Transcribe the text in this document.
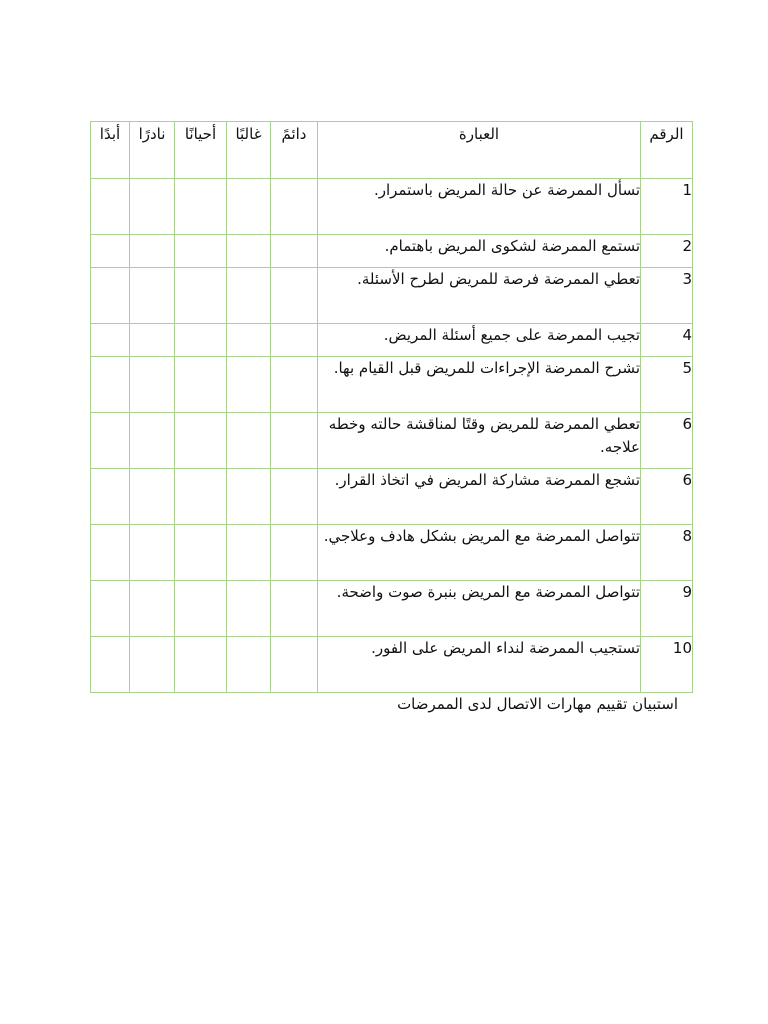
الرقم	العبارة	دائمً	غالبًا	أحيانًا	نادرًا	أبدًا
1	تسأل الممرضة عن حالة المريض باستمرار.					
2	تستمع الممرضة لشكوى المريض باهتمام.					
3	تعطي الممرضة فرصة للمريض لطرح الأسئلة.					
4	تجيب الممرضة على جميع أسئلة المريض.					
5	تشرح الممرضة الإجراءات للمريض قبل القيام بها.					
6	تعطي الممرضة للمريض وقتًا لمناقشة حالته وخطه علاجه.					
6	تشجع الممرضة مشاركة المريض في اتخاذ القرار.					
8	تتواصل الممرضة مع المريض بشكل هادف وعلاجي.					
9	تتواصل الممرضة مع المريض بنبرة صوت واضحة.					
10	تستجيب الممرضة لنداء المريض على الفور.					
استبيان تقييم مهارات الاتصال لدى الممرضات
